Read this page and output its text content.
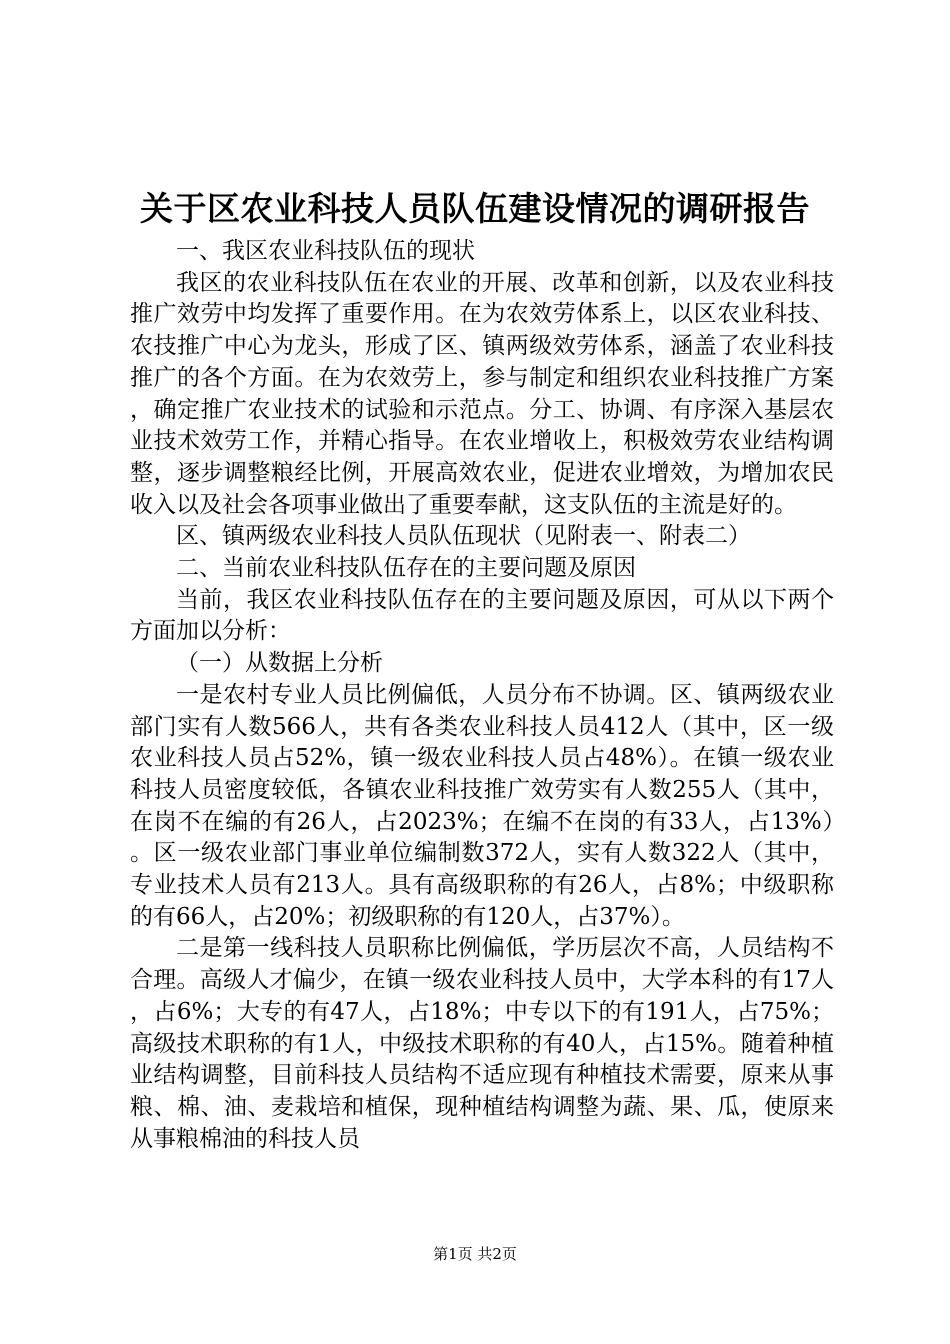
关于区农业科技人员队伍建设情况的调研报告

一、我区农业科技队伍的现状

我区的农业科技队伍在农业的开展、改革和创新，以及农业科技推广效劳中均发挥了重要作用。在为农效劳体系上，以区农业科技、农技推广中心为龙头，形成了区、镇两级效劳体系，涵盖了农业科技推广的各个方面。在为农效劳上，参与制定和组织农业科技推广方案，确定推广农业技术的试验和示范点。分工、协调、有序深入基层农业技术效劳工作，并精心指导。在农业增收上，积极效劳农业结构调整，逐步调整粮经比例，开展高效农业，促进农业增效，为增加农民收入以及社会各项事业做出了重要奉献，这支队伍的主流是好的。

区、镇两级农业科技人员队伍现状（见附表一、附表二）

二、当前农业科技队伍存在的主要问题及原因

当前，我区农业科技队伍存在的主要问题及原因，可从以下两个方面加以分析：

（一）从数据上分析

一是农村专业人员比例偏低，人员分布不协调。区、镇两级农业部门实有人数566人，共有各类农业科技人员412人（其中，区一级农业科技人员占52%，镇一级农业科技人员占48%）。在镇一级农业科技人员密度较低，各镇农业科技推广效劳实有人数255人（其中，在岗不在编的有26人，占2023%；在编不在岗的有33人，占13%）。区一级农业部门事业单位编制数372人，实有人数322人（其中，专业技术人员有213人。具有高级职称的有26人，占8%；中级职称的有66人，占20%；初级职称的有120人，占37%）。

二是第一线科技人员职称比例偏低，学历层次不高，人员结构不合理。高级人才偏少，在镇一级农业科技人员中，大学本科的有17人，占6%；大专的有47人，占18%；中专以下的有191人，占75%；高级技术职称的有1人，中级技术职称的有40人，占15%。随着种植业结构调整，目前科技人员结构不适应现有种植技术需要，原来从事粮、棉、油、麦栽培和植保，现种植结构调整为蔬、果、瓜，使原来从事粮棉油的科技人员

第1页 共2页
